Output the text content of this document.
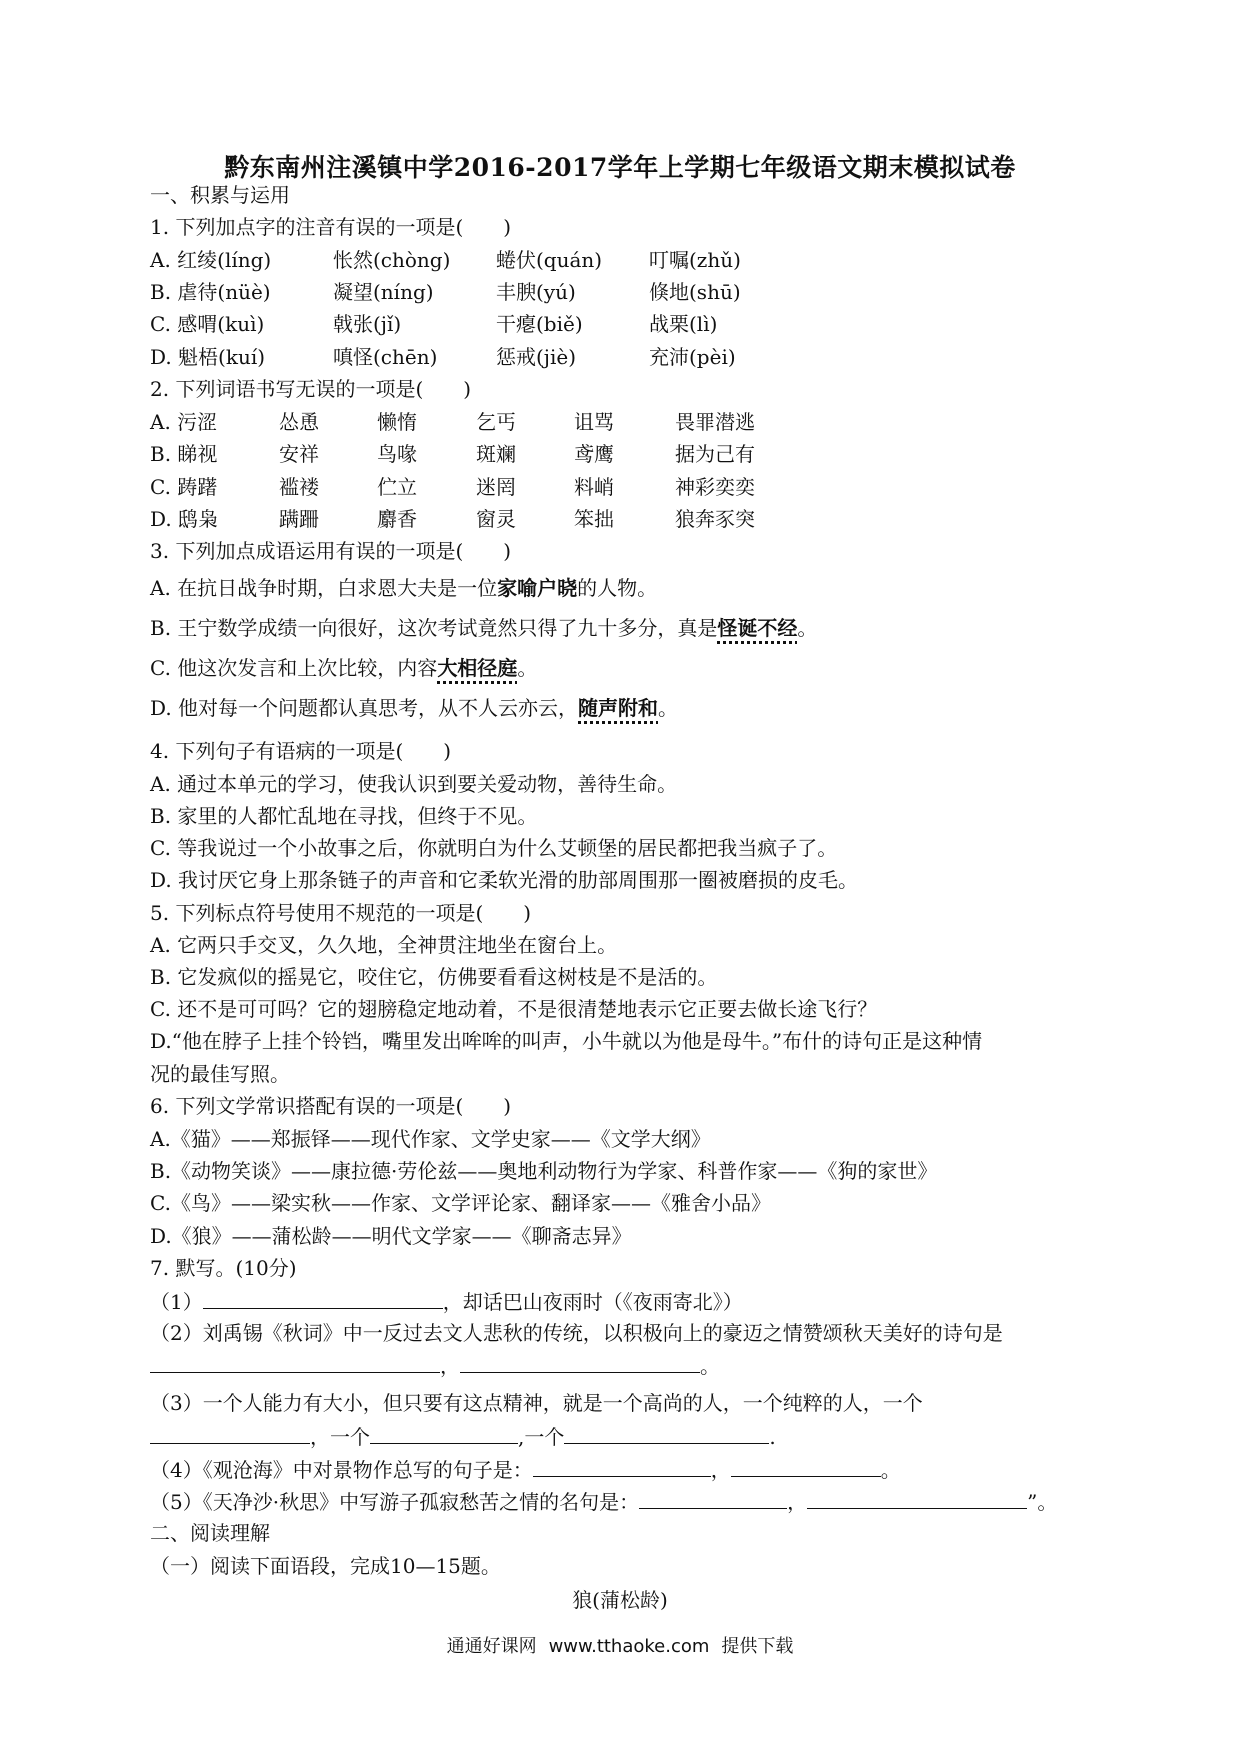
黔东南州注溪镇中学2016-2017学年上学期七年级语文期末模拟试卷
一、积累与运用
1. 下列加点字的注音有误的一项是(　　)
A. 红绫(líng)	怅然(chòng) 蜷伏(quán) 叮嘱(zhǔ)
B. 虐待(nüè)	凝望(níng)	丰腴(yú)	倏地(shū)
C. 感喟(kuì)	戟张(jǐ)	干瘪(biě)	战栗(lì)
D. 魁梧(kuí)	嗔怪(chēn)	惩戒(jiè)	充沛(pèi)
2. 下列词语书写无误的一项是(　　)
A. 污涩	怂恿	懒惰	乞丐	诅骂	畏罪潜逃
B. 睇视	安祥	鸟喙	斑斓	鸢鹰	据为己有
C. 踌躇	褴褛	伫立	迷罔	料峭	神彩奕奕
D. 鸱枭	蹒跚	麝香	窗灵	笨拙	狼奔豕突
3. 下列加点成语运用有误的一项是(　　)
A. 在抗日战争时期，白求恩大夫是一位家喻户晓的人物。
B. 王宁数学成绩一向很好，这次考试竟然只得了九十多分，真是怪诞不经。
C. 他这次发言和上次比较，内容大相径庭。
D. 他对每一个问题都认真思考，从不人云亦云，随声附和。
4. 下列句子有语病的一项是(　　)
A. 通过本单元的学习，使我认识到要关爱动物，善待生命。
B. 家里的人都忙乱地在寻找，但终于不见。
C. 等我说过一个小故事之后，你就明白为什么艾顿堡的居民都把我当疯子了。
D. 我讨厌它身上那条链子的声音和它柔软光滑的肋部周围那一圈被磨损的皮毛。
5. 下列标点符号使用不规范的一项是(　　)
A. 它两只手交叉，久久地，全神贯注地坐在窗台上。
B. 它发疯似的摇晃它，咬住它，仿佛要看看这树枝是不是活的。
C. 还不是可可吗？它的翅膀稳定地动着，不是很清楚地表示它正要去做长途飞行？
D.“他在脖子上挂个铃铛，嘴里发出哞哞的叫声，小牛就以为他是母牛。”布什的诗句正是这种情
况的最佳写照。
6. 下列文学常识搭配有误的一项是(　　)
A.《猫》——郑振铎——现代作家、文学史家——《文学大纲》
B.《动物笑谈》——康拉德·劳伦兹——奥地利动物行为学家、科普作家——《狗的家世》
C.《鸟》——梁实秋——作家、文学评论家、翻译家——《雅舍小品》
D.《狼》——蒲松龄——明代文学家——《聊斋志异》
7. 默写。(10分)
（1）	，却话巴山夜雨时（《夜雨寄北》）
（2）刘禹锡《秋词》中一反过去文人悲秋的传统，以积极向上的豪迈之情赞颂秋天美好的诗句是
，	。
（3）一个人能力有大小，但只要有这点精神，就是一个高尚的人，一个纯粹的人，一个
，一个	,一个	.
（4）《观沧海》中对景物作总写的句子是：	，	。
（5）《天净沙·秋思》中写游子孤寂愁苦之情的名句是：	，	”。
二、阅读理解
（一）阅读下面语段，完成10—15题。
狼(蒲松龄)
通通好课网 www.tthaoke.com 提供下载
